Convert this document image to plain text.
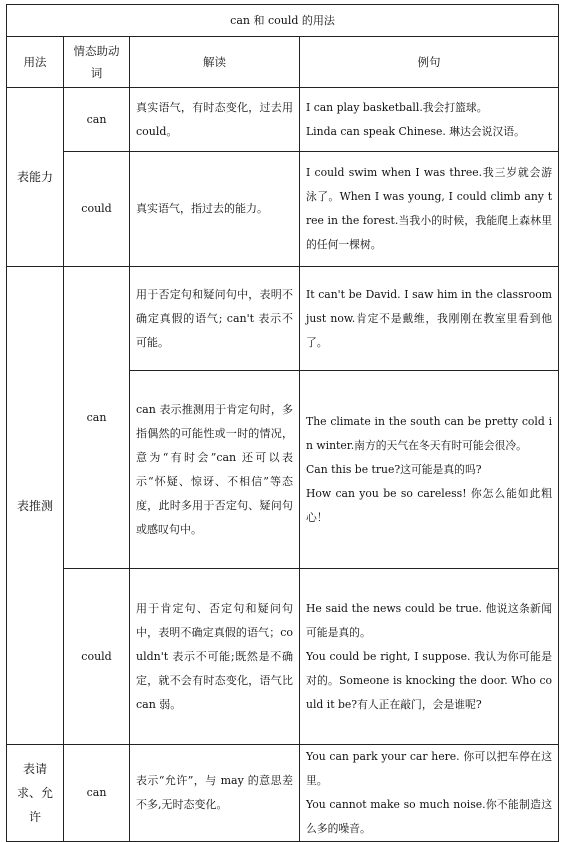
can 和 could 的用法			
用法	情态助动词	解读	例句
表能力	can	真实语气，有时态变化，过去用 could。	I can play basketball.我会打篮球。
Linda can speak Chinese. 琳达会说汉语。

	could	真实语气，指过去的能力。	I could swim when I was three.我三岁就会游泳了。When I was young, I could climb any tree in the forest.当我小的时候，我能爬上森林里的任何一棵树。

表推测	can	用于否定句和疑问句中，表明不确定真假的语气; can't 表示不可能。	It can't be David. I saw him in the classroom just now.肯定不是戴维，我刚刚在教室里看到他了。

		can 表示推测用于肯定句时，多指偶然的可能性或一时的情况，意为“有时会”can 还可以表示“怀疑、惊讶、不相信”等态度，此时多用于否定句、疑问句或感叹句中。	The climate in the south can be pretty cold in winter.南方的天气在冬天有时可能会很冷。
Can this be true?这可能是真的吗?
How can you be so careless! 你怎么能如此粗心！

	could	用于肯定句、否定句和疑问句中，表明不确定真假的语气；couldn't 表示不可能;既然是不确定，就不会有时态变化，语气比 can 弱。	He said the news could be true. 他说这条新闻可能是真的。
You could be right, I suppose. 我认为你可能是对的。Someone is knocking the door. Who could it be?有人正在敲门，会是谁呢?

表请求、允许	can	表示“允许”，与 may 的意思差不多,无时态变化。	You can park your car here. 你可以把车停在这里。
You cannot make so much noise.你不能制造这么多的噪音。
